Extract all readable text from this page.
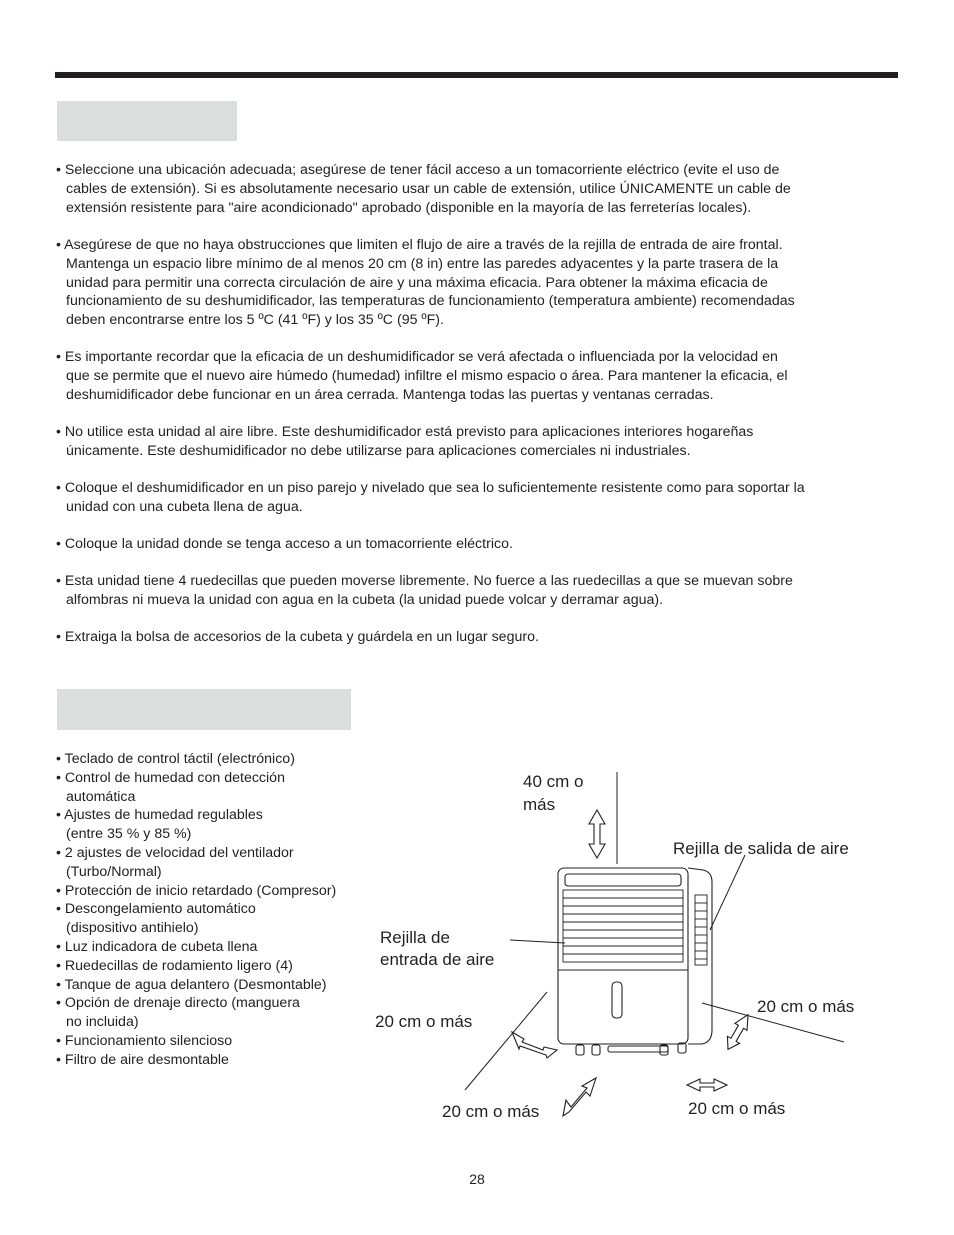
• Seleccione una ubicación adecuada; asegúrese de tener fácil acceso a un tomacorriente eléctrico (evite el uso de
cables de extensión). Si es absolutamente necesario usar un cable de extensión, utilice ÚNICAMENTE un cable de
extensión resistente para "aire acondicionado" aprobado (disponible en la mayoría de las ferreterías locales).
• Asegúrese de que no haya obstrucciones que limiten el flujo de aire a través de la rejilla de entrada de aire frontal.
Mantenga un espacio libre mínimo de al menos 20 cm (8 in) entre las paredes adyacentes y la parte trasera de la
unidad para permitir una correcta circulación de aire y una máxima eficacia. Para obtener la máxima eficacia de
funcionamiento de su deshumidificador, las temperaturas de funcionamiento (temperatura ambiente) recomendadas
deben encontrarse entre los 5 ºC (41 ºF) y los 35 ºC (95 ºF).
• Es importante recordar que la eficacia de un deshumidificador se verá afectada o influenciada por la velocidad en
que se permite que el nuevo aire húmedo (humedad) infiltre el mismo espacio o área. Para mantener la eficacia, el
deshumidificador debe funcionar en un área cerrada. Mantenga todas las puertas y ventanas cerradas.
• No utilice esta unidad al aire libre. Este deshumidificador está previsto para aplicaciones interiores hogareñas
únicamente. Este deshumidificador no debe utilizarse para aplicaciones comerciales ni industriales.
• Coloque el deshumidificador en un piso parejo y nivelado que sea lo suficientemente resistente como para soportar la
unidad con una cubeta llena de agua.
• Coloque la unidad donde se tenga acceso a un tomacorriente eléctrico.
• Esta unidad tiene 4 ruedecillas que pueden moverse libremente. No fuerce a las ruedecillas a que se muevan sobre
alfombras ni mueva la unidad con agua en la cubeta (la unidad puede volcar y derramar agua).
• Extraiga la bolsa de accesorios de la cubeta y guárdela en un lugar seguro.
• Teclado de control táctil (electrónico)
• Control de humedad con detección
automática
• Ajustes de humedad regulables
(entre 35 % y 85 %)
• 2 ajustes de velocidad del ventilador
(Turbo/Normal)
• Protección de inicio retardado (Compresor)
• Descongelamiento automático
(dispositivo antihielo)
• Luz indicadora de cubeta llena
• Ruedecillas de rodamiento ligero (4)
• Tanque de agua delantero (Desmontable)
• Opción de drenaje directo (manguera
no incluida)
• Funcionamiento silencioso
• Filtro de aire desmontable
40 cm o
más
Rejilla de salida de aire
Rejilla de
entrada de aire
20 cm o más
20 cm o más
20 cm o más	20 cm o más
28
